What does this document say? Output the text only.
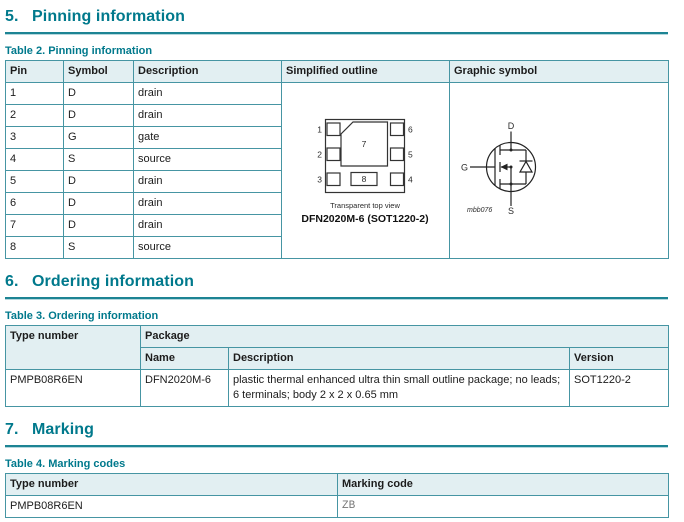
5. Pinning information
Table 2. Pinning information
Pin	Symbol	Description	Simplified outline	Graphic symbol
1	D	drain	
1
2
3
6
5
4
7
8
Transparent top view
DFN2020M-6 (SOT1220-2)

D
G
S
mbb076

2	D	drain		
3	G	gate		
4	S	source		
5	D	drain		
6	D	drain		
7	D	drain		
8	S	source		
6. Ordering information
Table 3. Ordering information
Type number	Package		
	Name	Description	Version
PMPB08R6EN	DFN2020M-6	plastic thermal enhanced ultra thin small outline package; no leads; 6 terminals; body 2 x 2 x 0.65 mm	SOT1220-2
7. Marking
Table 4. Marking codes
Type number	Marking code
PMPB08R6EN	ZB
